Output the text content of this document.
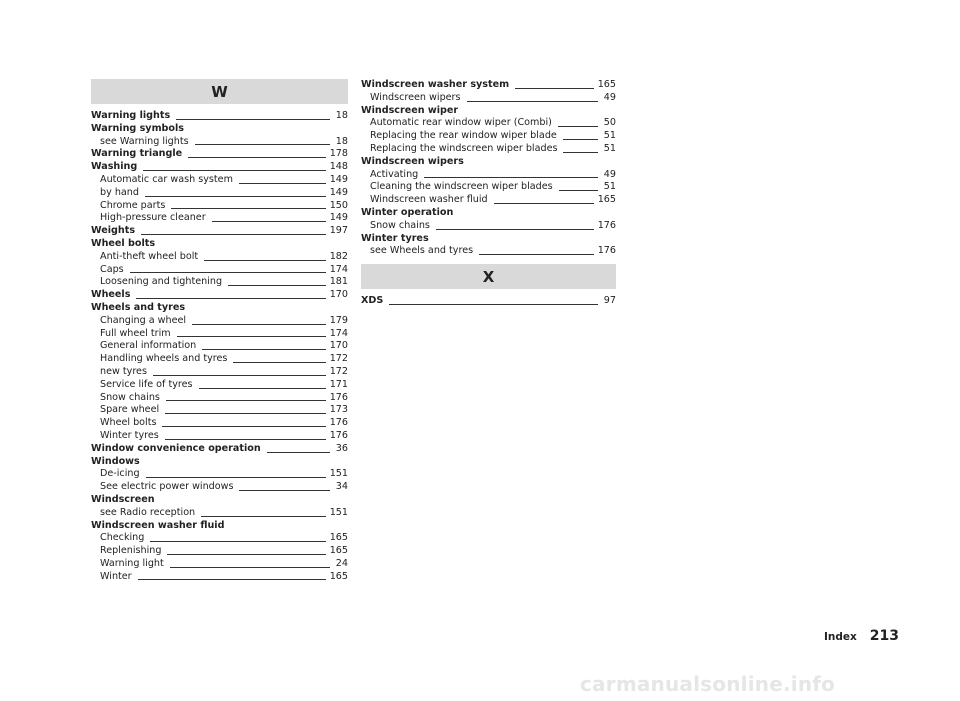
W
Warning lights	18
Warning symbols
see Warning lights	18
Warning triangle	178
Washing	148
Automatic car wash system	149
by hand	149
Chrome parts	150
High-pressure cleaner	149
Weights	197
Wheel bolts
Anti-theft wheel bolt	182
Caps	174
Loosening and tightening	181
Wheels	170
Wheels and tyres
Changing a wheel	179
Full wheel trim	174
General information	170
Handling wheels and tyres	172
new tyres	172
Service life of tyres	171
Snow chains	176
Spare wheel	173
Wheel bolts	176
Winter tyres	176
Window convenience operation	36
Windows
De-icing	151
See electric power windows	34
Windscreen
see Radio reception	151
Windscreen washer fluid
Checking	165
Replenishing	165
Warning light	24
Winter	165
Windscreen washer system	165
Windscreen wipers	49
Windscreen wiper
Automatic rear window wiper (Combi)	50
Replacing the rear window wiper blade	51
Replacing the windscreen wiper blades	51
Windscreen wipers
Activating	49
Cleaning the windscreen wiper blades	51
Windscreen washer fluid	165
Winter operation
Snow chains	176
Winter tyres
see Wheels and tyres	176
X
XDS	97
Index 213
carmanualsonline.info
